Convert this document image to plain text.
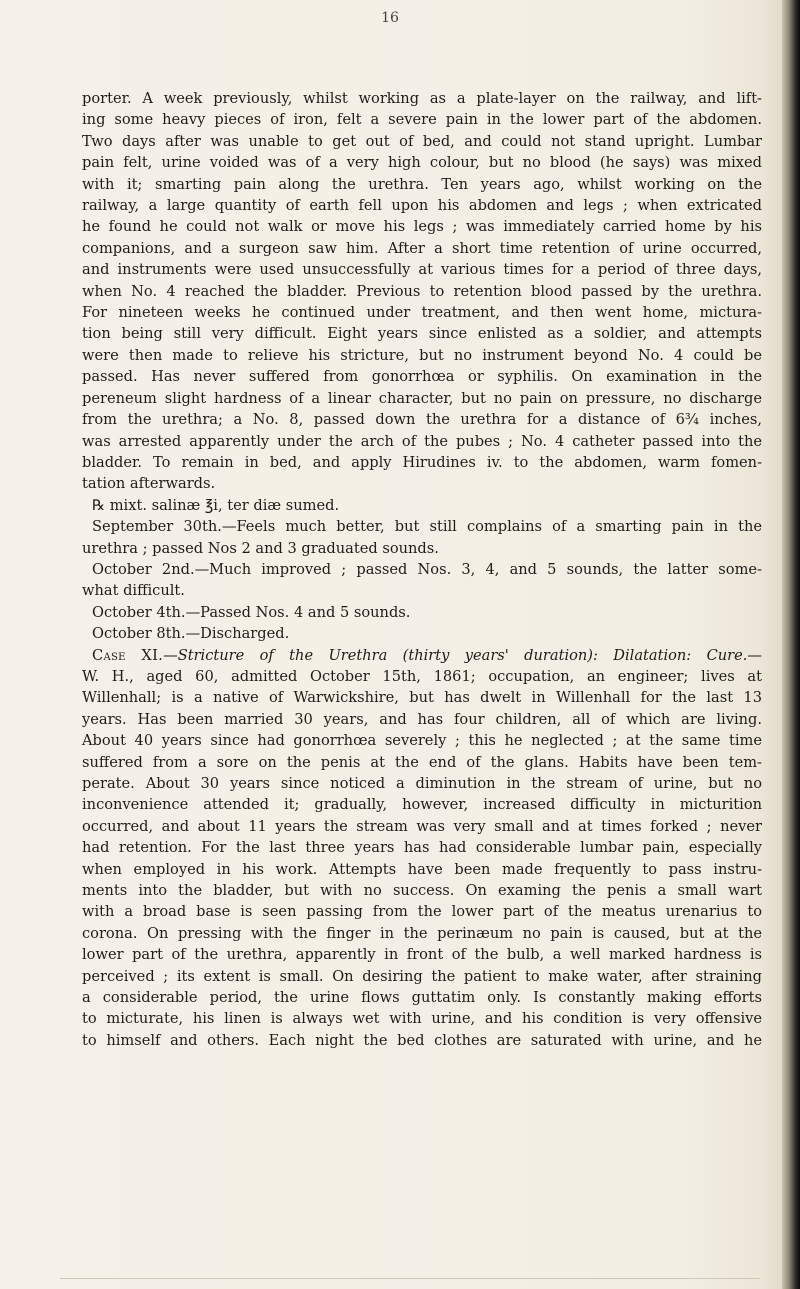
16

porter. A week previously, whilst working as a plate-layer on the railway, and lift-

ing some heavy pieces of iron, felt a severe pain in the lower part of the abdomen.

Two days after was unable to get out of bed, and could not stand upright. Lumbar

pain felt, urine voided was of a very high colour, but no blood (he says) was mixed

with it; smarting pain along the urethra. Ten years ago, whilst working on the

railway, a large quantity of earth fell upon his abdomen and legs ; when extricated

he found he could not walk or move his legs ; was immediately carried home by his

companions, and a surgeon saw him. After a short time retention of urine occurred,

and instruments were used unsuccessfully at various times for a period of three days,

when No. 4 reached the bladder. Previous to retention blood passed by the urethra.

For nineteen weeks he continued under treatment, and then went home, mictura-

tion being still very difficult. Eight years since enlisted as a soldier, and attempts

were then made to relieve his stricture, but no instrument beyond No. 4 could be

passed. Has never suffered from gonorrhœa or syphilis. On examination in the

pereneum slight hardness of a linear character, but no pain on pressure, no discharge

from the urethra; a No. 8, passed down the urethra for a distance of 6¾ inches,

was arrested apparently under the arch of the pubes ; No. 4 catheter passed into the

bladder. To remain in bed, and apply Hirudines iv. to the abdomen, warm fomen-

tation afterwards.

℞ mixt. salinæ ℥i, ter diæ sumed.

September 30th.—Feels much better, but still complains of a smarting pain in the

urethra ; passed Nos 2 and 3 graduated sounds.

October 2nd.—Much improved ; passed Nos. 3, 4, and 5 sounds, the latter some-

what difficult.

October 4th.—Passed Nos. 4 and 5 sounds.

October 8th.—Discharged.

Case XI.—Stricture of the Urethra (thirty years' duration): Dilatation: Cure.—

W. H., aged 60, admitted October 15th, 1861; occupation, an engineer; lives at

Willenhall; is a native of Warwickshire, but has dwelt in Willenhall for the last 13

years. Has been married 30 years, and has four children, all of which are living.

About 40 years since had gonorrhœa severely ; this he neglected ; at the same time

suffered from a sore on the penis at the end of the glans. Habits have been tem-

perate. About 30 years since noticed a diminution in the stream of urine, but no

inconvenience attended it; gradually, however, increased difficulty in micturition

occurred, and about 11 years the stream was very small and at times forked ; never

had retention. For the last three years has had considerable lumbar pain, especially

when employed in his work. Attempts have been made frequently to pass instru-

ments into the bladder, but with no success. On examing the penis a small wart

with a broad base is seen passing from the lower part of the meatus urenarius to

corona. On pressing with the finger in the perinæum no pain is caused, but at the

lower part of the urethra, apparently in front of the bulb, a well marked hardness is

perceived ; its extent is small. On desiring the patient to make water, after straining

a considerable period, the urine flows guttatim only. Is constantly making efforts

to micturate, his linen is always wet with urine, and his condition is very offensive

to himself and others. Each night the bed clothes are saturated with urine, and he
